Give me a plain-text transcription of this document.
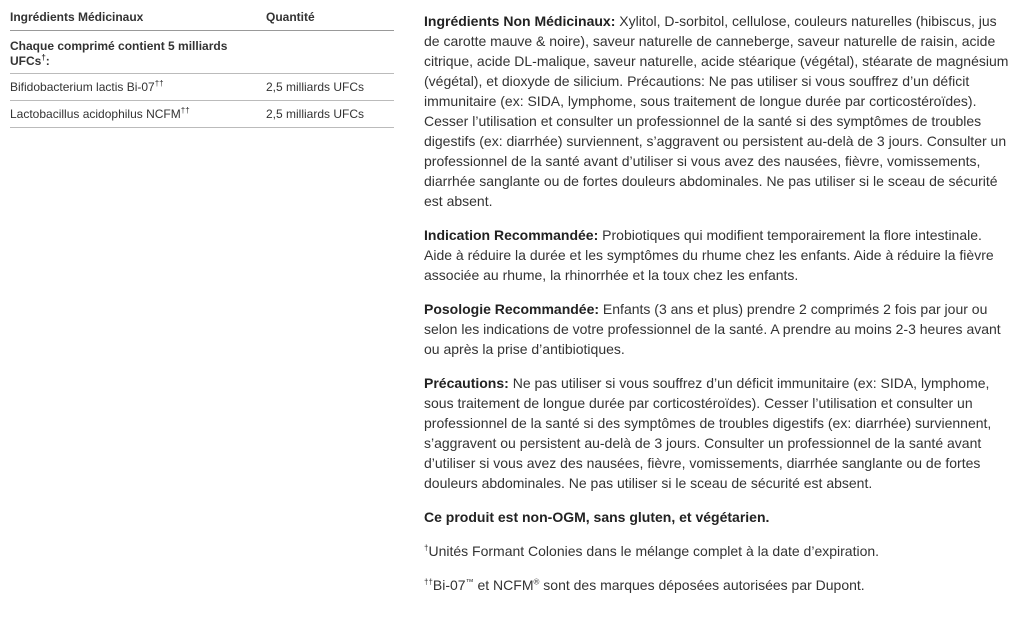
Ingrédients Médicinaux	Quantité
Chaque comprimé contient 5 milliards UFCs†:	
Bifidobacterium lactis Bi-07††	2,5 milliards UFCs
Lactobacillus acidophilus NCFM††	2,5 milliards UFCs

Ingrédients Non Médicinaux: Xylitol, D-sorbitol, cellulose, couleurs naturelles (hibiscus, jus de carotte mauve & noire), saveur naturelle de canneberge, saveur naturelle de raisin, acide citrique, acide DL-malique, saveur naturelle, acide stéarique (végétal), stéarate de magnésium (végétal), et dioxyde de silicium. Précautions: Ne pas utiliser si vous souffrez d’un déficit immunitaire (ex: SIDA, lymphome, sous traitement de longue durée par corticostéroïdes). Cesser l’utilisation et consulter un professionnel de la santé si des symptômes de troubles digestifs (ex: diarrhée) surviennent, s’aggravent ou persistent au-delà de 3 jours. Consulter un professionnel de la santé avant d’utiliser si vous avez des nausées, fièvre, vomissements, diarrhée sanglante ou de fortes douleurs abdominales. Ne pas utiliser si le sceau de sécurité est absent.

Indication Recommandée: Probiotiques qui modifient temporairement la flore intestinale. Aide à réduire la durée et les symptômes du rhume chez les enfants. Aide à réduire la fièvre associée au rhume, la rhinorrhée et la toux chez les enfants.

Posologie Recommandée: Enfants (3 ans et plus) prendre 2 comprimés 2 fois par jour ou selon les indications de votre professionnel de la santé. A prendre au moins 2-3 heures avant ou après la prise d’antibiotiques.

Précautions: Ne pas utiliser si vous souffrez d’un déficit immunitaire (ex: SIDA, lymphome, sous traitement de longue durée par corticostéroïdes). Cesser l’utilisation et consulter un professionnel de la santé si des symptômes de troubles digestifs (ex: diarrhée) surviennent, s’aggravent ou persistent au-delà de 3 jours. Consulter un professionnel de la santé avant d’utiliser si vous avez des nausées, fièvre, vomissements, diarrhée sanglante ou de fortes douleurs abdominales. Ne pas utiliser si le sceau de sécurité est absent.

Ce produit est non-OGM, sans gluten, et végétarien.

†Unités Formant Colonies dans le mélange complet à la date d’expiration.

††Bi-07™ et NCFM® sont des marques déposées autorisées par Dupont.
